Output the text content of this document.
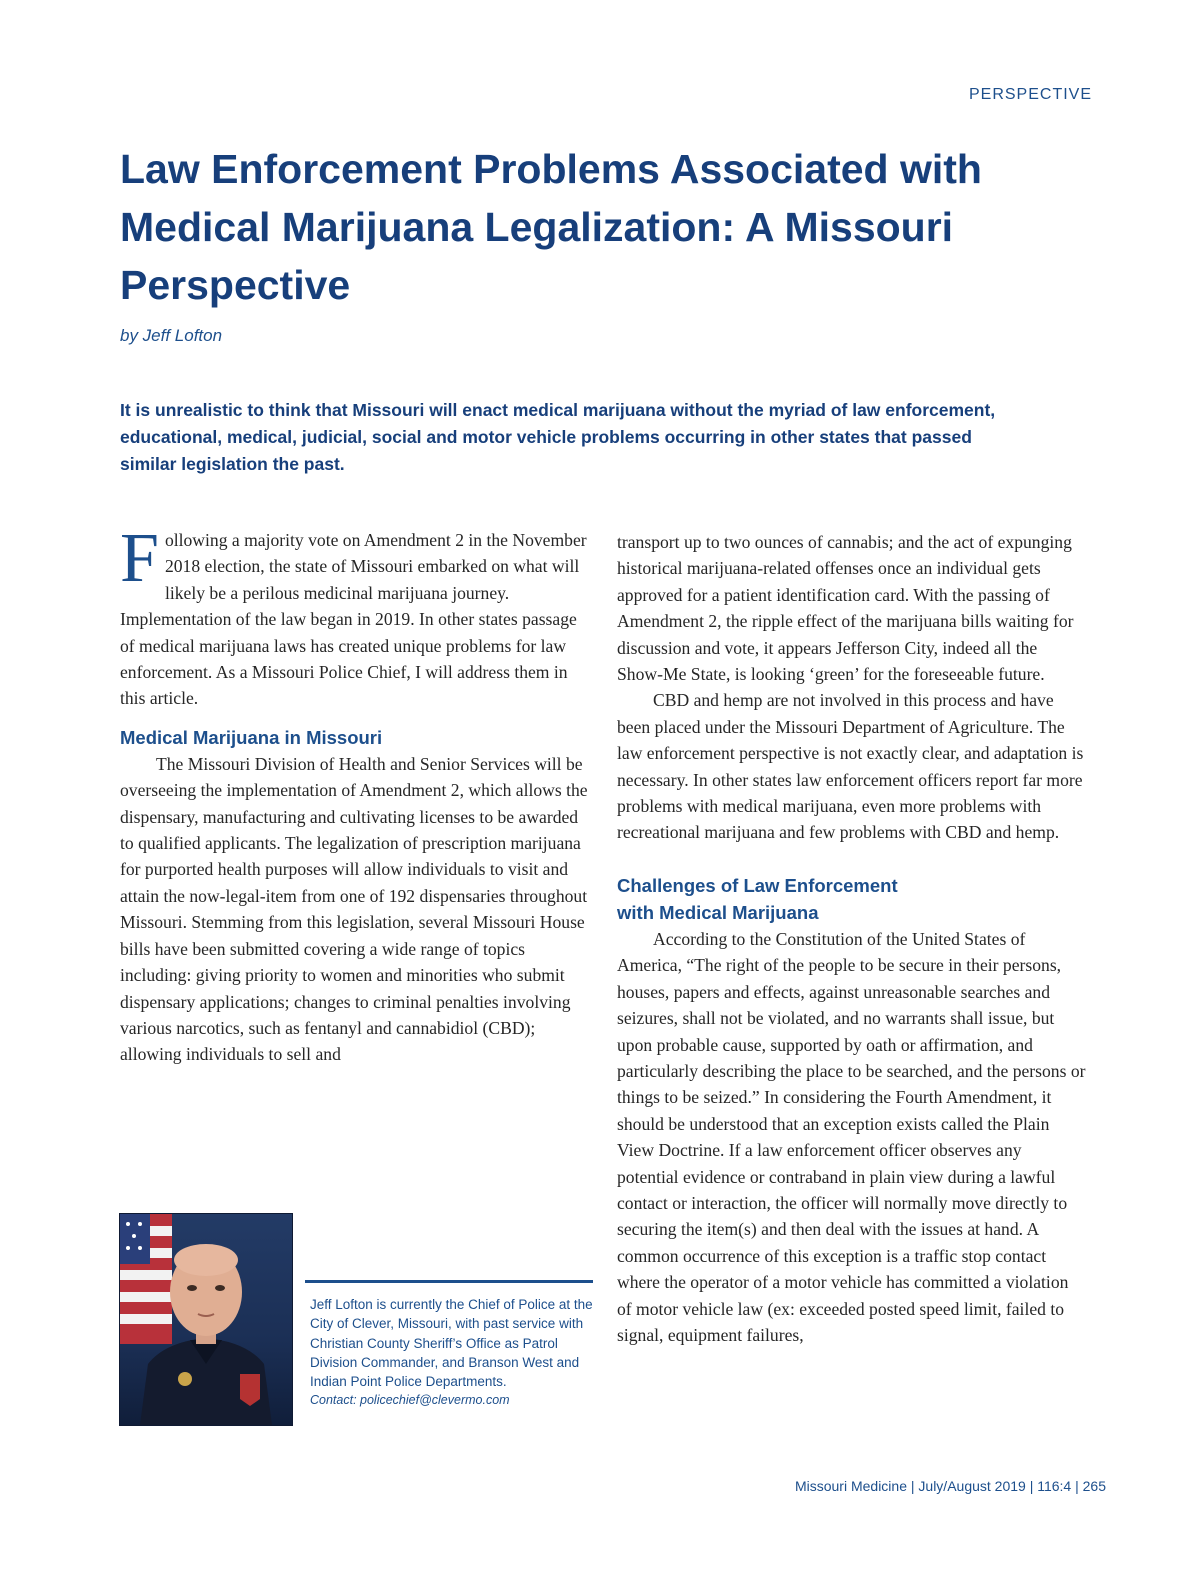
PERSPECTIVE
Law Enforcement Problems Associated with Medical Marijuana Legalization: A Missouri Perspective
by Jeff Lofton

It is unrealistic to think that Missouri will enact medical marijuana without the myriad of law enforcement, educational, medical, judicial, social and motor vehicle problems occurring in other states that passed similar legislation the past.

Following a majority vote on Amendment 2 in the November 2018 election, the state of Missouri embarked on what will likely be a perilous medicinal marijuana journey. Implementation of the law began in 2019. In other states passage of medical marijuana laws has created unique problems for law enforcement. As a Missouri Police Chief, I will address them in this article.

Medical Marijuana in Missouri

The Missouri Division of Health and Senior Services will be overseeing the implementation of Amendment 2, which allows the dispensary, manufacturing and cultivating licenses to be awarded to qualified applicants. The legalization of prescription marijuana for purported health purposes will allow individuals to visit and attain the now-legal-item from one of 192 dispensaries throughout Missouri. Stemming from this legislation, several Missouri House bills have been submitted covering a wide range of topics including: giving priority to women and minorities who submit dispensary applications; changes to criminal penalties involving various narcotics, such as fentanyl and cannabidiol (CBD); allowing individuals to sell and

transport up to two ounces of cannabis; and the act of expunging historical marijuana-related offenses once an individual gets approved for a patient identification card. With the passing of Amendment 2, the ripple effect of the marijuana bills waiting for discussion and vote, it appears Jefferson City, indeed all the Show-Me State, is looking ‘green’ for the foreseeable future.

CBD and hemp are not involved in this process and have been placed under the Missouri Department of Agriculture. The law enforcement perspective is not exactly clear, and adaptation is necessary. In other states law enforcement officers report far more problems with medical marijuana, even more problems with recreational marijuana and few problems with CBD and hemp.

Challenges of Law Enforcement
with Medical Marijuana

According to the Constitution of the United States of America, “The right of the people to be secure in their persons, houses, papers and effects, against unreasonable searches and seizures, shall not be violated, and no warrants shall issue, but upon probable cause, supported by oath or affirmation, and particularly describing the place to be searched, and the persons or things to be seized.” In considering the Fourth Amendment, it should be understood that an exception exists called the Plain View Doctrine. If a law enforcement officer observes any potential evidence or contraband in plain view during a lawful contact or interaction, the officer will normally move directly to securing the item(s) and then deal with the issues at hand. A common occurrence of this exception is a traffic stop contact where the operator of a motor vehicle has committed a violation of motor vehicle law (ex: exceeded posted speed limit, failed to signal, equipment failures,

Jeff Lofton is currently the Chief of Police at the City of Clever, Missouri, with past service with Christian County Sheriff’s Office as Patrol Division Commander, and Branson West and Indian Point Police Departments.
Contact: policechief@clevermo.com
Missouri Medicine | July/August 2019 | 116:4 | 265
